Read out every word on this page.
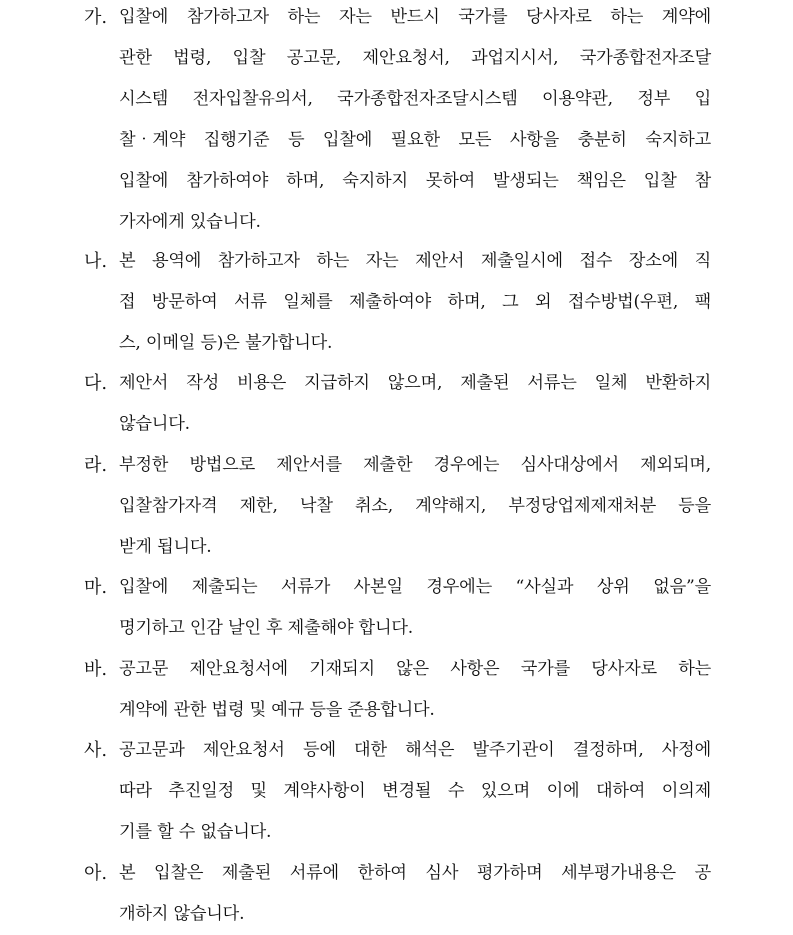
가. 입찰에 참가하고자 하는 자는 반드시 국가를 당사자로 하는 계약에
관한 법령, 입찰 공고문, 제안요청서, 과업지시서, 국가종합전자조달
시스템 전자입찰유의서, 국가종합전자조달시스템 이용약관, 정부 입
찰‧계약 집행기준 등 입찰에 필요한 모든 사항을 충분히 숙지하고
입찰에 참가하여야 하며, 숙지하지 못하여 발생되는 책임은 입찰 참
가자에게 있습니다.
나. 본 용역에 참가하고자 하는 자는 제안서 제출일시에 접수 장소에 직
접 방문하여 서류 일체를 제출하여야 하며, 그 외 접수방법(우편, 팩
스, 이메일 등)은 불가합니다.
다. 제안서 작성 비용은 지급하지 않으며, 제출된 서류는 일체 반환하지
않습니다.
라. 부정한 방법으로 제안서를 제출한 경우에는 심사대상에서 제외되며,
입찰참가자격 제한, 낙찰 취소, 계약해지, 부정당업제제재처분 등을
받게 됩니다.
마. 입찰에 제출되는 서류가 사본일 경우에는 “사실과 상위 없음”을
명기하고 인감 날인 후 제출해야 합니다.
바. 공고문 제안요청서에 기재되지 않은 사항은 국가를 당사자로 하는
계약에 관한 법령 및 예규 등을 준용합니다.
사. 공고문과 제안요청서 등에 대한 해석은 발주기관이 결정하며, 사정에
따라 추진일정 및 계약사항이 변경될 수 있으며 이에 대하여 이의제
기를 할 수 없습니다.
아. 본 입찰은 제출된 서류에 한하여 심사 평가하며 세부평가내용은 공
개하지 않습니다.
